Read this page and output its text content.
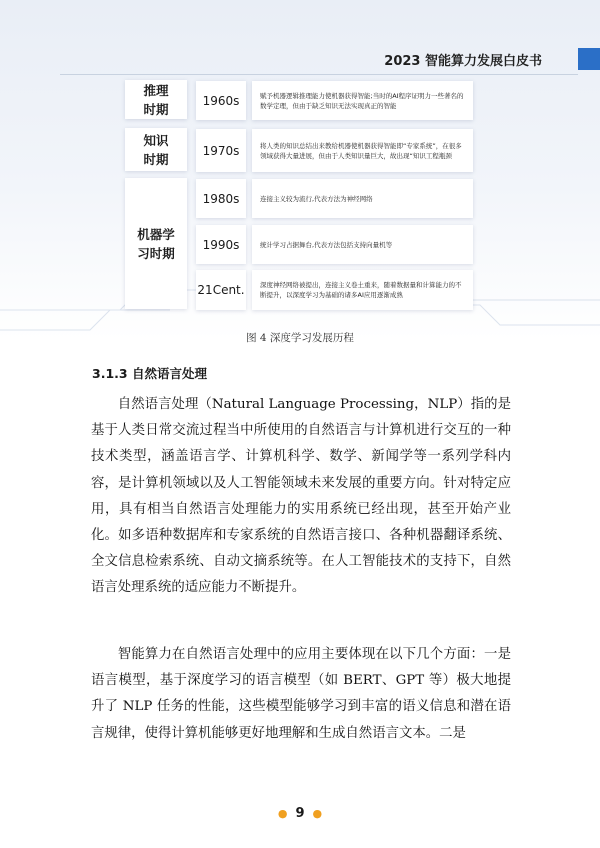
2023 智能算力发展白皮书
推理
时期
知识
时期
机器学
习时期
1960s
1970s
1980s
1990s
21Cent.
赋予机器逻辑推理能力使机器获得智能;当时的AI程序证明力一些著名的数学定理，但由于缺乏知识无法实现真正的智能
将人类的知识总结出来教给机器使机器获得智能即“专家系统”，在很多领域获得大量进展，但由于人类知识量巨大，故出现“知识工程瓶颈
连接主义较为流行,代表方法为神经网络
统计学习占据舞台,代表方法包括支持向量机等
深度神经网络被提出，连接主义卷土重来，随着数据量和计算能力的不断提升，以深度学习为基础的诸多AI应用逐渐成熟
图 4 深度学习发展历程
3.1.3 自然语言处理
自然语言处理（Natural Language Processing，NLP）指的是基于人类日常交流过程当中所使用的自然语言与计算机进行交互的一种技术类型，涵盖语言学、计算机科学、数学、新闻学等一系列学科内容，是计算机领域以及人工智能领域未来发展的重要方向。针对特定应用，具有相当自然语言处理能力的实用系统已经出现，甚至开始产业化。如多语种数据库和专家系统的自然语言接口、各种机器翻译系统、全文信息检索系统、自动文摘系统等。在人工智能技术的支持下，自然语言处理系统的适应能力不断提升。
智能算力在自然语言处理中的应用主要体现在以下几个方面：一是语言模型，基于深度学习的语言模型（如 BERT、GPT 等）极大地提升了 NLP 任务的性能，这些模型能够学习到丰富的语义信息和潜在语言规律，使得计算机能够更好地理解和生成自然语言文本。二是
● 9 ●
